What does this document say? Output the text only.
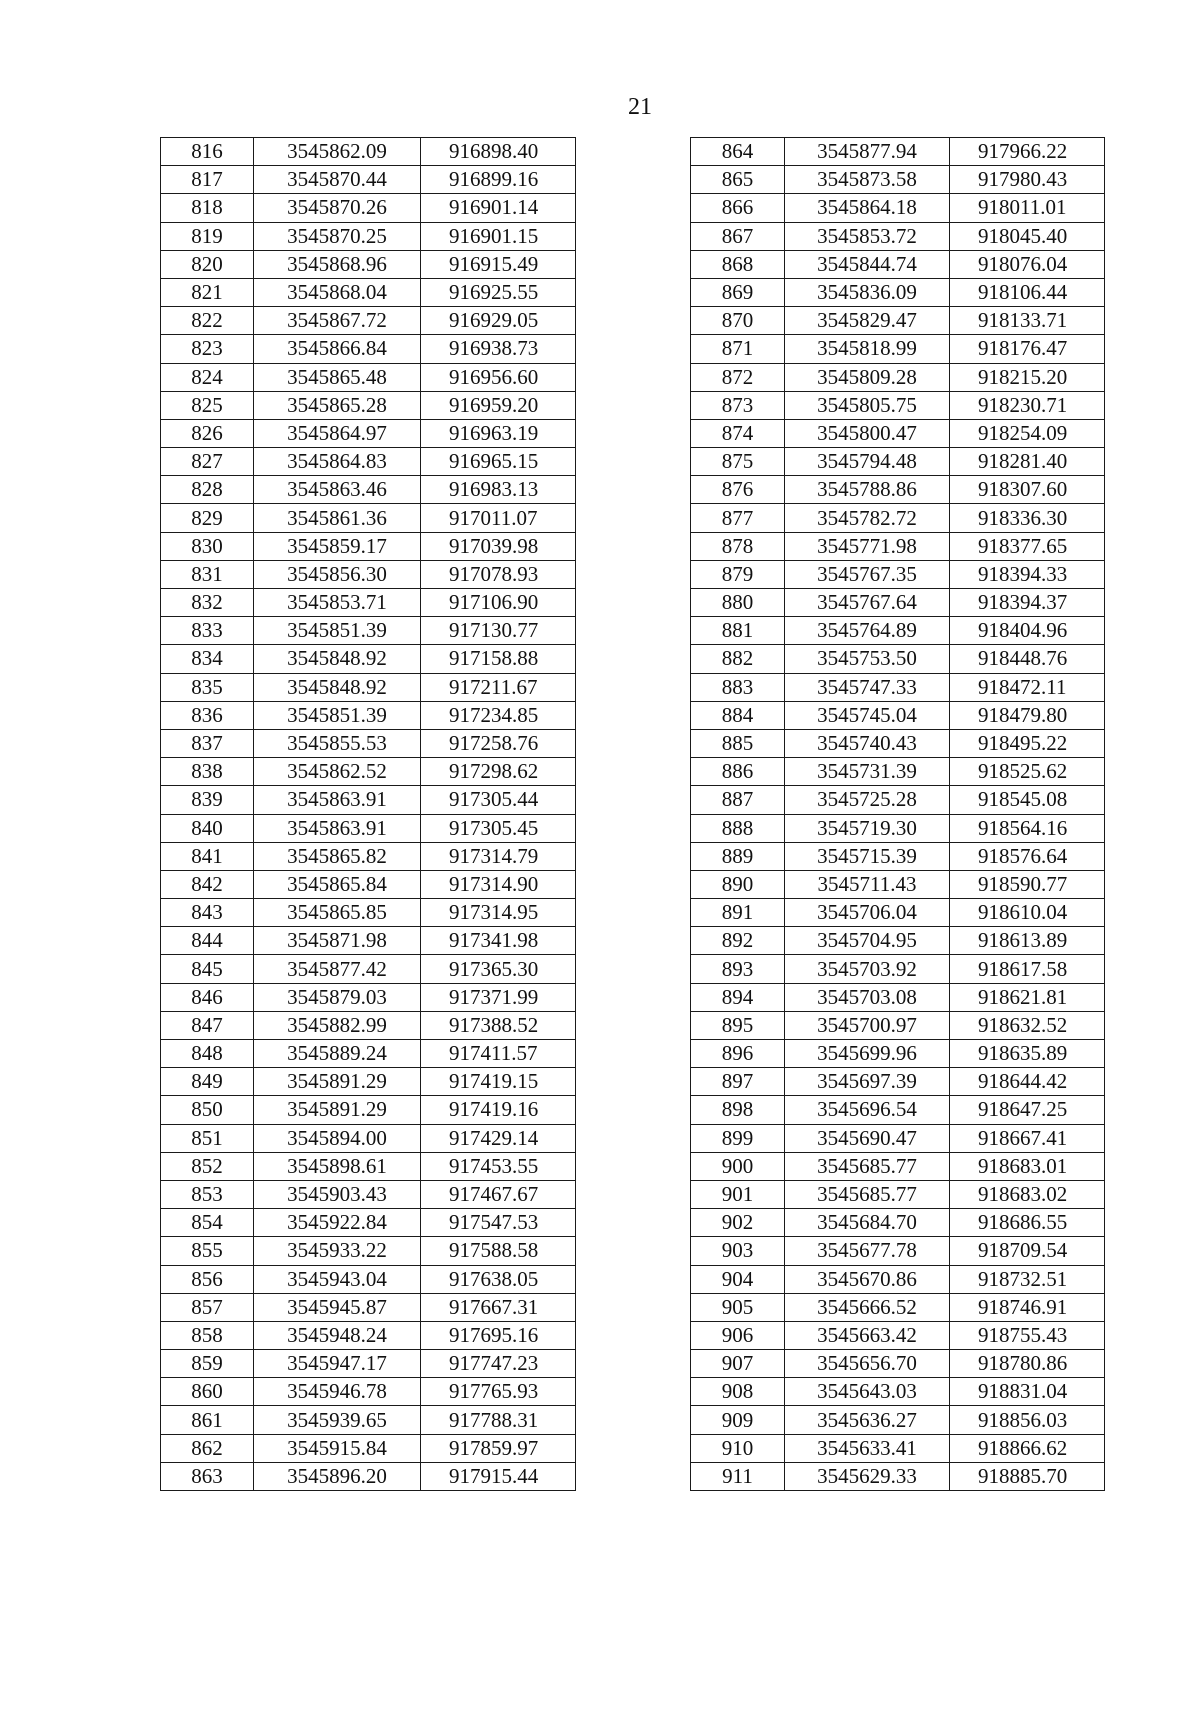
21
816	3545862.09	916898.40
817	3545870.44	916899.16
818	3545870.26	916901.14
819	3545870.25	916901.15
820	3545868.96	916915.49
821	3545868.04	916925.55
822	3545867.72	916929.05
823	3545866.84	916938.73
824	3545865.48	916956.60
825	3545865.28	916959.20
826	3545864.97	916963.19
827	3545864.83	916965.15
828	3545863.46	916983.13
829	3545861.36	917011.07
830	3545859.17	917039.98
831	3545856.30	917078.93
832	3545853.71	917106.90
833	3545851.39	917130.77
834	3545848.92	917158.88
835	3545848.92	917211.67
836	3545851.39	917234.85
837	3545855.53	917258.76
838	3545862.52	917298.62
839	3545863.91	917305.44
840	3545863.91	917305.45
841	3545865.82	917314.79
842	3545865.84	917314.90
843	3545865.85	917314.95
844	3545871.98	917341.98
845	3545877.42	917365.30
846	3545879.03	917371.99
847	3545882.99	917388.52
848	3545889.24	917411.57
849	3545891.29	917419.15
850	3545891.29	917419.16
851	3545894.00	917429.14
852	3545898.61	917453.55
853	3545903.43	917467.67
854	3545922.84	917547.53
855	3545933.22	917588.58
856	3545943.04	917638.05
857	3545945.87	917667.31
858	3545948.24	917695.16
859	3545947.17	917747.23
860	3545946.78	917765.93
861	3545939.65	917788.31
862	3545915.84	917859.97
863	3545896.20	917915.44
864	3545877.94	917966.22
865	3545873.58	917980.43
866	3545864.18	918011.01
867	3545853.72	918045.40
868	3545844.74	918076.04
869	3545836.09	918106.44
870	3545829.47	918133.71
871	3545818.99	918176.47
872	3545809.28	918215.20
873	3545805.75	918230.71
874	3545800.47	918254.09
875	3545794.48	918281.40
876	3545788.86	918307.60
877	3545782.72	918336.30
878	3545771.98	918377.65
879	3545767.35	918394.33
880	3545767.64	918394.37
881	3545764.89	918404.96
882	3545753.50	918448.76
883	3545747.33	918472.11
884	3545745.04	918479.80
885	3545740.43	918495.22
886	3545731.39	918525.62
887	3545725.28	918545.08
888	3545719.30	918564.16
889	3545715.39	918576.64
890	3545711.43	918590.77
891	3545706.04	918610.04
892	3545704.95	918613.89
893	3545703.92	918617.58
894	3545703.08	918621.81
895	3545700.97	918632.52
896	3545699.96	918635.89
897	3545697.39	918644.42
898	3545696.54	918647.25
899	3545690.47	918667.41
900	3545685.77	918683.01
901	3545685.77	918683.02
902	3545684.70	918686.55
903	3545677.78	918709.54
904	3545670.86	918732.51
905	3545666.52	918746.91
906	3545663.42	918755.43
907	3545656.70	918780.86
908	3545643.03	918831.04
909	3545636.27	918856.03
910	3545633.41	918866.62
911	3545629.33	918885.70
